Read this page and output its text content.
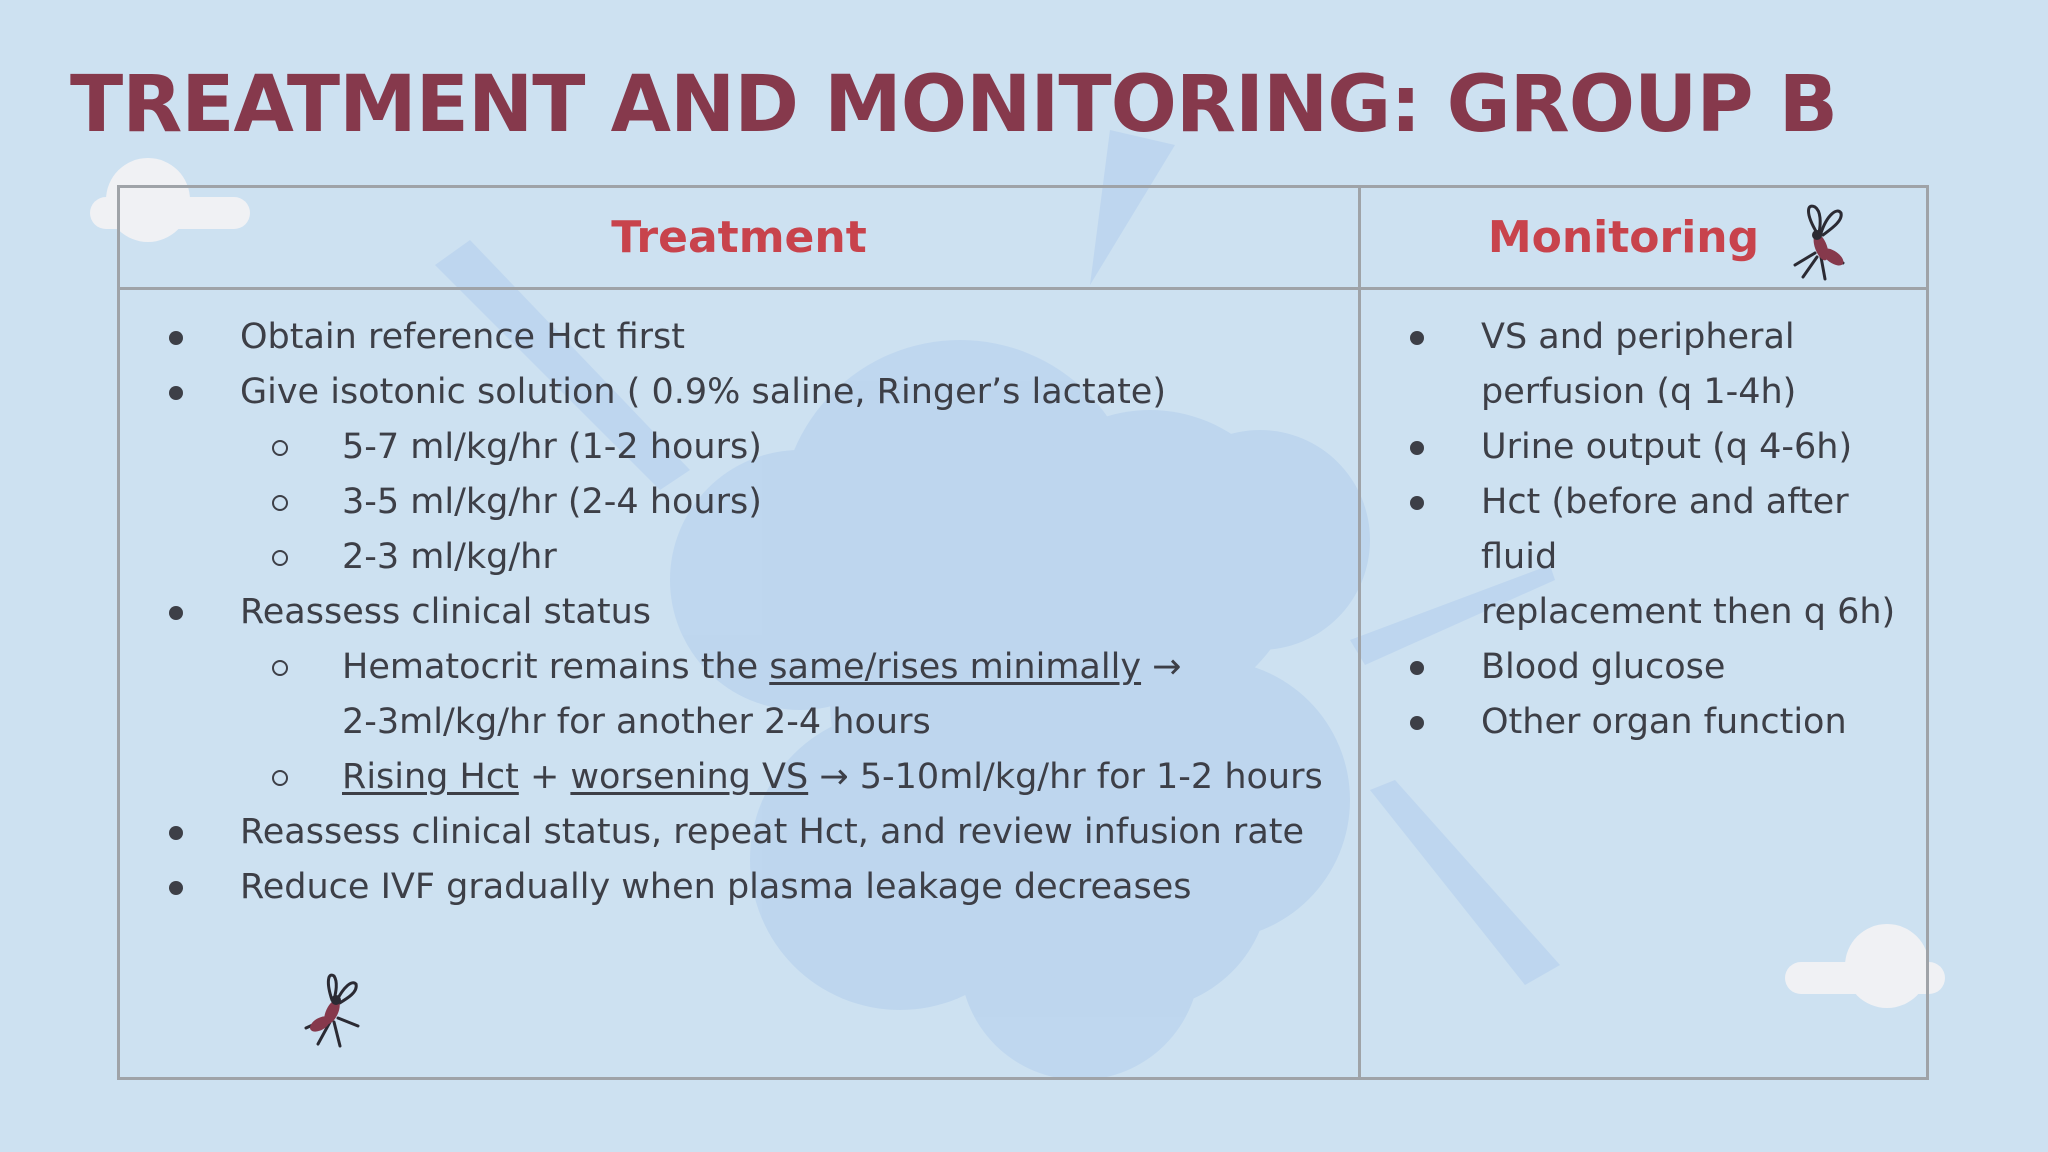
TREATMENT AND MONITORING: GROUP B
Treatment	Monitoring
Obtain reference Hct first
Give isotonic solution ( 0.9% saline, Ringer’s lactate)
5-7 ml/kg/hr (1-2 hours)
3-5 ml/kg/hr (2-4 hours)
2-3 ml/kg/hr
Reassess clinical status
Hematocrit remains the same/rises minimally →
2-3ml/kg/hr for another 2-4 hours
Rising Hct + worsening VS → 5-10ml/kg/hr for 1-2 hours
Reassess clinical status, repeat Hct, and review infusion rate
Reduce IVF gradually when plasma leakage decreases
VS and peripheral
perfusion (q 1-4h)
Urine output (q 4-6h)
Hct (before and after fluid
replacement then q 6h)
Blood glucose
Other organ function
